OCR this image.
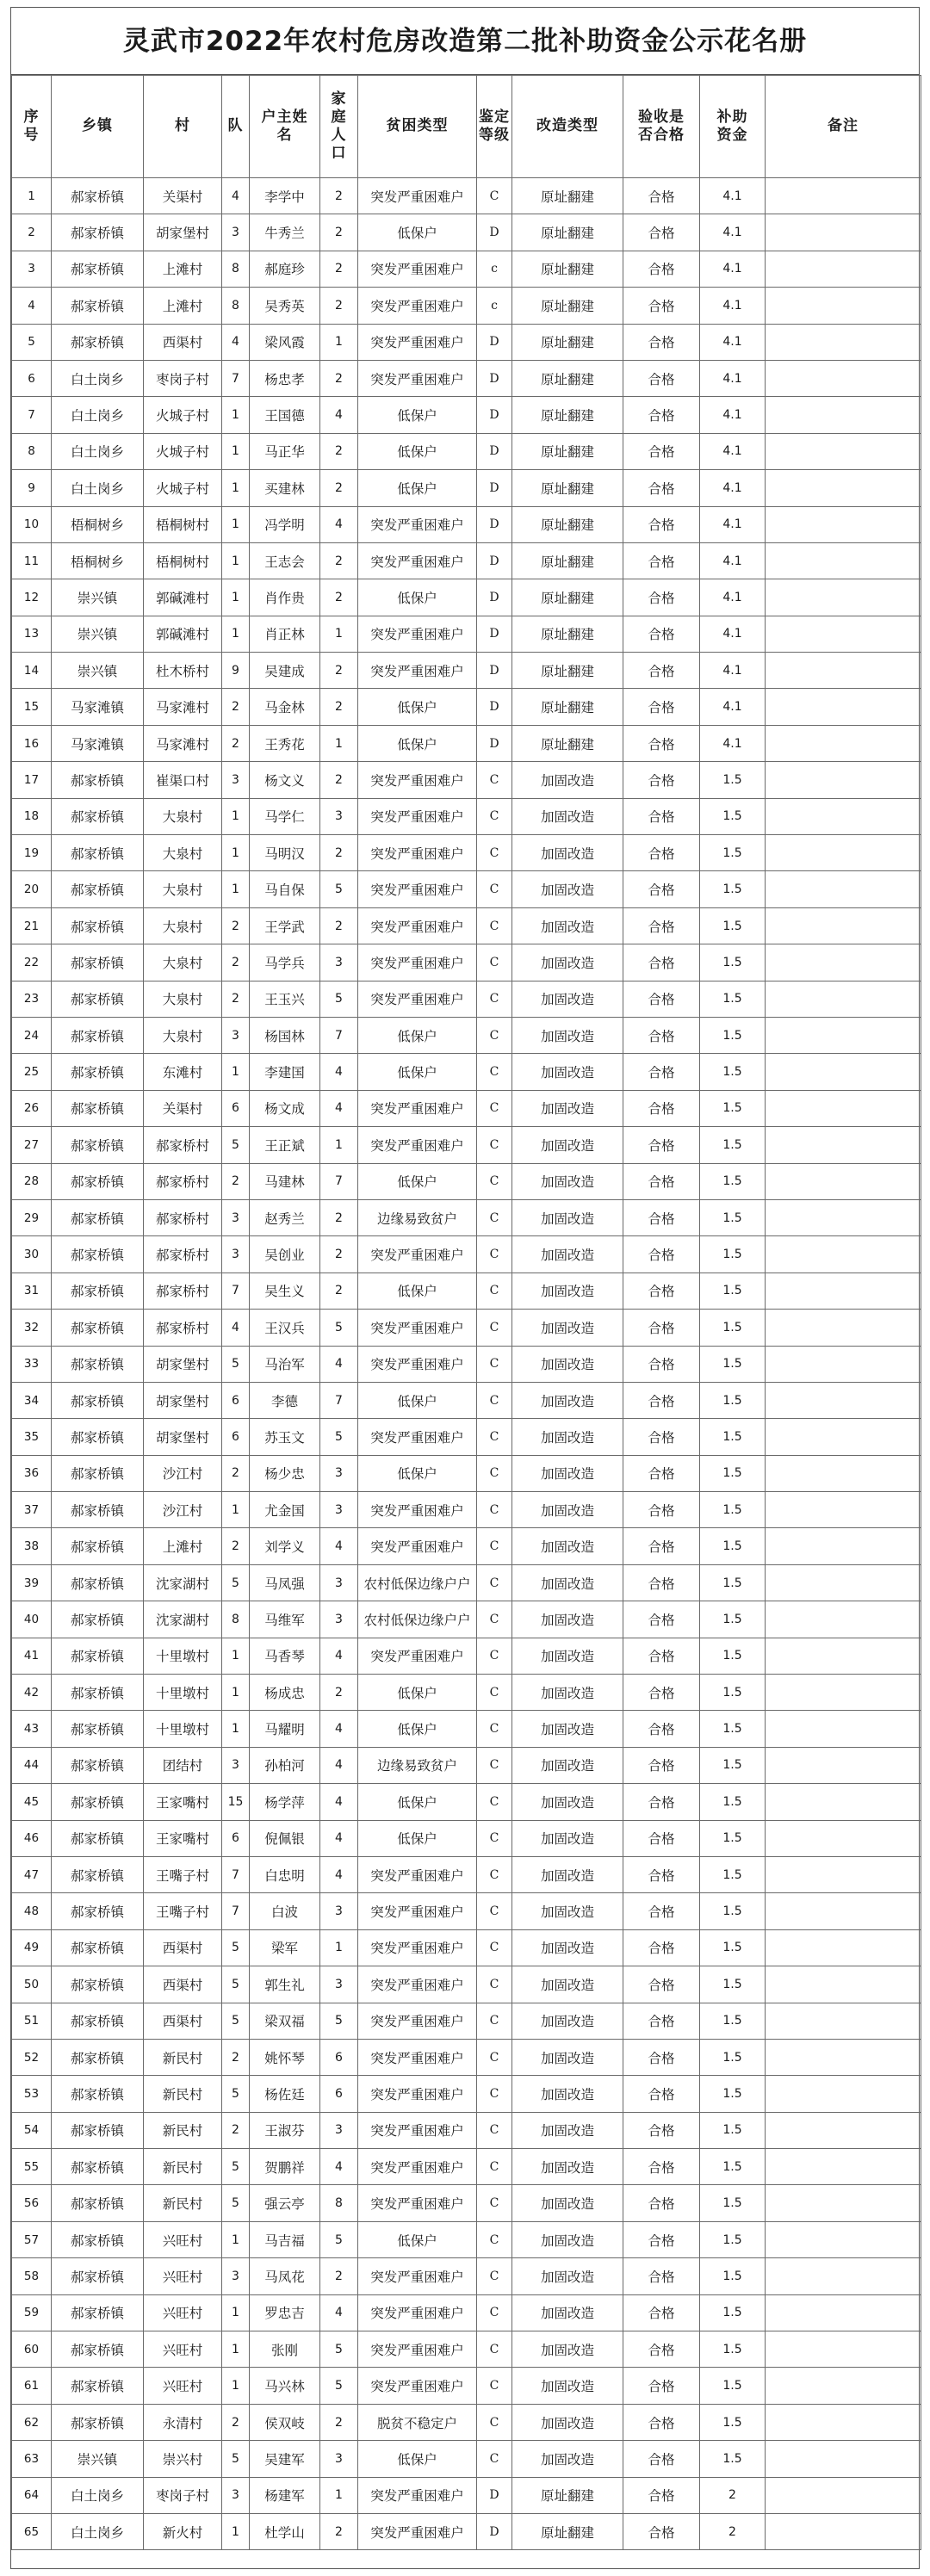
灵武市2022年农村危房改造第二批补助资金公示花名册
序号	乡镇	村	队	户主姓名	家庭人口	贫困类型	鉴定等级	改造类型	验收是否合格	补助资金	备注
1	郝家桥镇	关渠村	4	李学中	2	突发严重困难户	C	原址翻建	合格	4.1	
2	郝家桥镇	胡家堡村	3	牛秀兰	2	低保户	D	原址翻建	合格	4.1	
3	郝家桥镇	上滩村	8	郝庭珍	2	突发严重困难户	c	原址翻建	合格	4.1	
4	郝家桥镇	上滩村	8	吴秀英	2	突发严重困难户	c	原址翻建	合格	4.1	
5	郝家桥镇	西渠村	4	梁风霞	1	突发严重困难户	D	原址翻建	合格	4.1	
6	白土岗乡	枣岗子村	7	杨忠孝	2	突发严重困难户	D	原址翻建	合格	4.1	
7	白土岗乡	火城子村	1	王国德	4	低保户	D	原址翻建	合格	4.1	
8	白土岗乡	火城子村	1	马正华	2	低保户	D	原址翻建	合格	4.1	
9	白土岗乡	火城子村	1	买建林	2	低保户	D	原址翻建	合格	4.1	
10	梧桐树乡	梧桐树村	1	冯学明	4	突发严重困难户	D	原址翻建	合格	4.1	
11	梧桐树乡	梧桐树村	1	王志会	2	突发严重困难户	D	原址翻建	合格	4.1	
12	崇兴镇	郭碱滩村	1	肖作贵	2	低保户	D	原址翻建	合格	4.1	
13	崇兴镇	郭碱滩村	1	肖正林	1	突发严重困难户	D	原址翻建	合格	4.1	
14	崇兴镇	杜木桥村	9	吴建成	2	突发严重困难户	D	原址翻建	合格	4.1	
15	马家滩镇	马家滩村	2	马金林	2	低保户	D	原址翻建	合格	4.1	
16	马家滩镇	马家滩村	2	王秀花	1	低保户	D	原址翻建	合格	4.1	
17	郝家桥镇	崔渠口村	3	杨文义	2	突发严重困难户	C	加固改造	合格	1.5	
18	郝家桥镇	大泉村	1	马学仁	3	突发严重困难户	C	加固改造	合格	1.5	
19	郝家桥镇	大泉村	1	马明汉	2	突发严重困难户	C	加固改造	合格	1.5	
20	郝家桥镇	大泉村	1	马自保	5	突发严重困难户	C	加固改造	合格	1.5	
21	郝家桥镇	大泉村	2	王学武	2	突发严重困难户	C	加固改造	合格	1.5	
22	郝家桥镇	大泉村	2	马学兵	3	突发严重困难户	C	加固改造	合格	1.5	
23	郝家桥镇	大泉村	2	王玉兴	5	突发严重困难户	C	加固改造	合格	1.5	
24	郝家桥镇	大泉村	3	杨国林	7	低保户	C	加固改造	合格	1.5	
25	郝家桥镇	东滩村	1	李建国	4	低保户	C	加固改造	合格	1.5	
26	郝家桥镇	关渠村	6	杨文成	4	突发严重困难户	C	加固改造	合格	1.5	
27	郝家桥镇	郝家桥村	5	王正斌	1	突发严重困难户	C	加固改造	合格	1.5	
28	郝家桥镇	郝家桥村	2	马建林	7	低保户	C	加固改造	合格	1.5	
29	郝家桥镇	郝家桥村	3	赵秀兰	2	边缘易致贫户	C	加固改造	合格	1.5	
30	郝家桥镇	郝家桥村	3	吴创业	2	突发严重困难户	C	加固改造	合格	1.5	
31	郝家桥镇	郝家桥村	7	吴生义	2	低保户	C	加固改造	合格	1.5	
32	郝家桥镇	郝家桥村	4	王汉兵	5	突发严重困难户	C	加固改造	合格	1.5	
33	郝家桥镇	胡家堡村	5	马治军	4	突发严重困难户	C	加固改造	合格	1.5	
34	郝家桥镇	胡家堡村	6	李德	7	低保户	C	加固改造	合格	1.5	
35	郝家桥镇	胡家堡村	6	苏玉文	5	突发严重困难户	C	加固改造	合格	1.5	
36	郝家桥镇	沙江村	2	杨少忠	3	低保户	C	加固改造	合格	1.5	
37	郝家桥镇	沙江村	1	尤金国	3	突发严重困难户	C	加固改造	合格	1.5	
38	郝家桥镇	上滩村	2	刘学义	4	突发严重困难户	C	加固改造	合格	1.5	
39	郝家桥镇	沈家湖村	5	马凤强	3	农村低保边缘户户	C	加固改造	合格	1.5	
40	郝家桥镇	沈家湖村	8	马维军	3	农村低保边缘户户	C	加固改造	合格	1.5	
41	郝家桥镇	十里墩村	1	马香琴	4	突发严重困难户	C	加固改造	合格	1.5	
42	郝家桥镇	十里墩村	1	杨成忠	2	低保户	C	加固改造	合格	1.5	
43	郝家桥镇	十里墩村	1	马耀明	4	低保户	C	加固改造	合格	1.5	
44	郝家桥镇	团结村	3	孙柏河	4	边缘易致贫户	C	加固改造	合格	1.5	
45	郝家桥镇	王家嘴村	15	杨学萍	4	低保户	C	加固改造	合格	1.5	
46	郝家桥镇	王家嘴村	6	倪佩银	4	低保户	C	加固改造	合格	1.5	
47	郝家桥镇	王嘴子村	7	白忠明	4	突发严重困难户	C	加固改造	合格	1.5	
48	郝家桥镇	王嘴子村	7	白波	3	突发严重困难户	C	加固改造	合格	1.5	
49	郝家桥镇	西渠村	5	梁军	1	突发严重困难户	C	加固改造	合格	1.5	
50	郝家桥镇	西渠村	5	郭生礼	3	突发严重困难户	C	加固改造	合格	1.5	
51	郝家桥镇	西渠村	5	梁双福	5	突发严重困难户	C	加固改造	合格	1.5	
52	郝家桥镇	新民村	2	姚怀琴	6	突发严重困难户	C	加固改造	合格	1.5	
53	郝家桥镇	新民村	5	杨佐廷	6	突发严重困难户	C	加固改造	合格	1.5	
54	郝家桥镇	新民村	2	王淑芬	3	突发严重困难户	C	加固改造	合格	1.5	
55	郝家桥镇	新民村	5	贺鹏祥	4	突发严重困难户	C	加固改造	合格	1.5	
56	郝家桥镇	新民村	5	强云亭	8	突发严重困难户	C	加固改造	合格	1.5	
57	郝家桥镇	兴旺村	1	马吉福	5	低保户	C	加固改造	合格	1.5	
58	郝家桥镇	兴旺村	3	马凤花	2	突发严重困难户	C	加固改造	合格	1.5	
59	郝家桥镇	兴旺村	1	罗忠吉	4	突发严重困难户	C	加固改造	合格	1.5	
60	郝家桥镇	兴旺村	1	张刚	5	突发严重困难户	C	加固改造	合格	1.5	
61	郝家桥镇	兴旺村	1	马兴林	5	突发严重困难户	C	加固改造	合格	1.5	
62	郝家桥镇	永清村	2	侯双岐	2	脱贫不稳定户	C	加固改造	合格	1.5	
63	崇兴镇	崇兴村	5	吴建军	3	低保户	C	加固改造	合格	1.5	
64	白土岗乡	枣岗子村	3	杨建军	1	突发严重困难户	D	原址翻建	合格	2	
65	白土岗乡	新火村	1	杜学山	2	突发严重困难户	D	原址翻建	合格	2	
